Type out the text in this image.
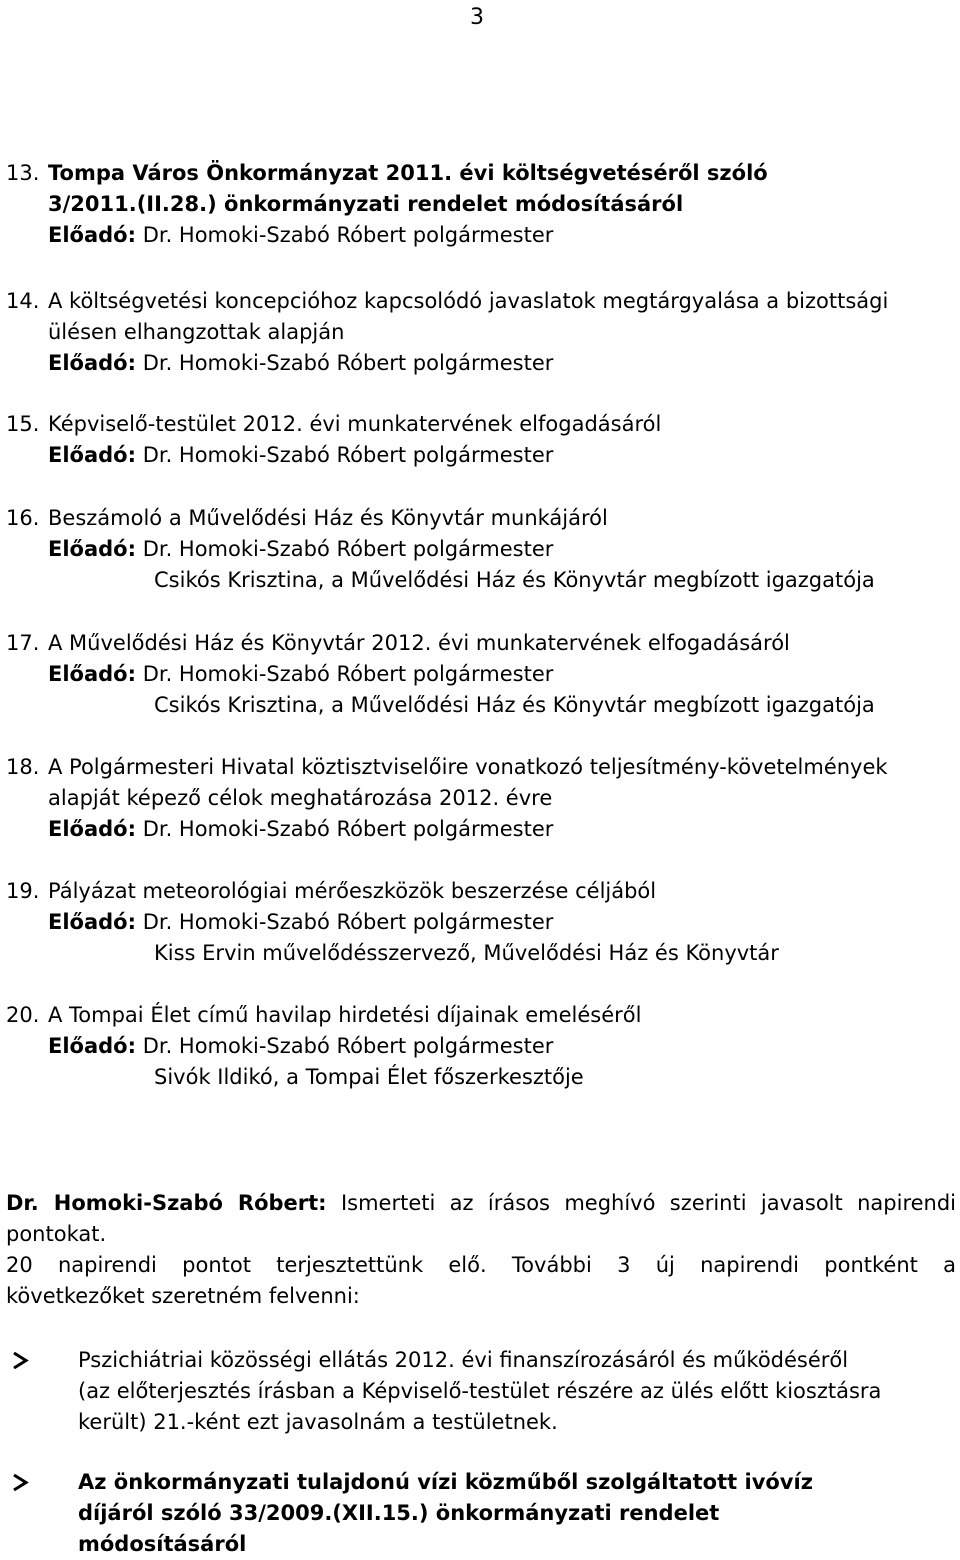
3
13. Tompa Város Önkormányzat 2011. évi költségvetéséről szóló
3/2011.(II.28.) önkormányzati rendelet módosításáról
Előadó: Dr. Homoki-Szabó Róbert polgármester
14. A költségvetési koncepcióhoz kapcsolódó javaslatok megtárgyalása a bizottsági
ülésen elhangzottak alapján
Előadó: Dr. Homoki-Szabó Róbert polgármester
15. Képviselő-testület 2012. évi munkatervének elfogadásáról
Előadó: Dr. Homoki-Szabó Róbert polgármester
16. Beszámoló a Művelődési Ház és Könyvtár munkájáról
Előadó: Dr. Homoki-Szabó Róbert polgármester
Csikós Krisztina, a Művelődési Ház és Könyvtár megbízott igazgatója
17. A Művelődési Ház és Könyvtár 2012. évi munkatervének elfogadásáról
Előadó: Dr. Homoki-Szabó Róbert polgármester
Csikós Krisztina, a Művelődési Ház és Könyvtár megbízott igazgatója
18. A Polgármesteri Hivatal köztisztviselőire vonatkozó teljesítmény-követelmények
alapját képező célok meghatározása 2012. évre
Előadó: Dr. Homoki-Szabó Róbert polgármester
19. Pályázat meteorológiai mérőeszközök beszerzése céljából
Előadó: Dr. Homoki-Szabó Róbert polgármester
Kiss Ervin művelődésszervező, Művelődési Ház és Könyvtár
20. A Tompai Élet című havilap hirdetési díjainak emeléséről
Előadó: Dr. Homoki-Szabó Róbert polgármester
Sivók Ildikó, a Tompai Élet főszerkesztője
Dr. Homoki-Szabó Róbert: Ismerteti az írásos meghívó szerinti javasolt napirendi
pontokat.
20 napirendi pontot terjesztettünk elő. További 3 új napirendi pontként a
következőket szeretném felvenni:
Pszichiátriai közösségi ellátás 2012. évi finanszírozásáról és működéséről
(az előterjesztés írásban a Képviselő-testület részére az ülés előtt kiosztásra
került) 21.-ként ezt javasolnám a testületnek.
Az önkormányzati tulajdonú vízi közműből szolgáltatott ivóvíz
díjáról szóló 33/2009.(XII.15.) önkormányzati rendelet
módosításáról
